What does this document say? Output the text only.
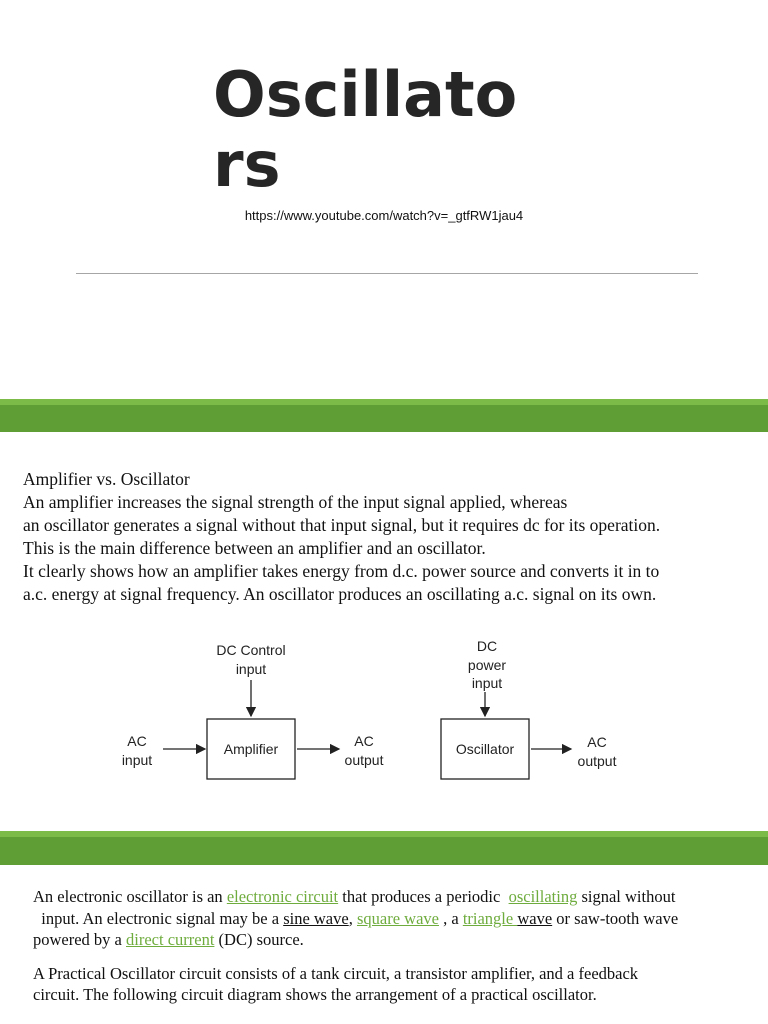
Oscillators
https://www.youtube.com/watch?v=_gtfRW1jau4
Amplifier vs. Oscillator
An amplifier increases the signal strength of the input signal applied, whereas
an oscillator generates a signal without that input signal, but it requires dc for its operation.
This is the main difference between an amplifier and an oscillator.
It clearly shows how an amplifier takes energy from d.c. power source and converts it in to
a.c. energy at signal frequency. An oscillator produces an oscillating a.c. signal on its own.
DC Control
input
AC
input
Amplifier	AC
output
DC
power
input
Oscillator	AC
output

An electronic oscillator is an electronic circuit that produces a periodic  oscillating signal without
input. An electronic signal may be a sine wave, square wave , a triangle wave or saw-tooth wave
powered by a direct current (DC) source.

A Practical Oscillator circuit consists of a tank circuit, a transistor amplifier, and a feedback
circuit. The following circuit diagram shows the arrangement of a practical oscillator.
